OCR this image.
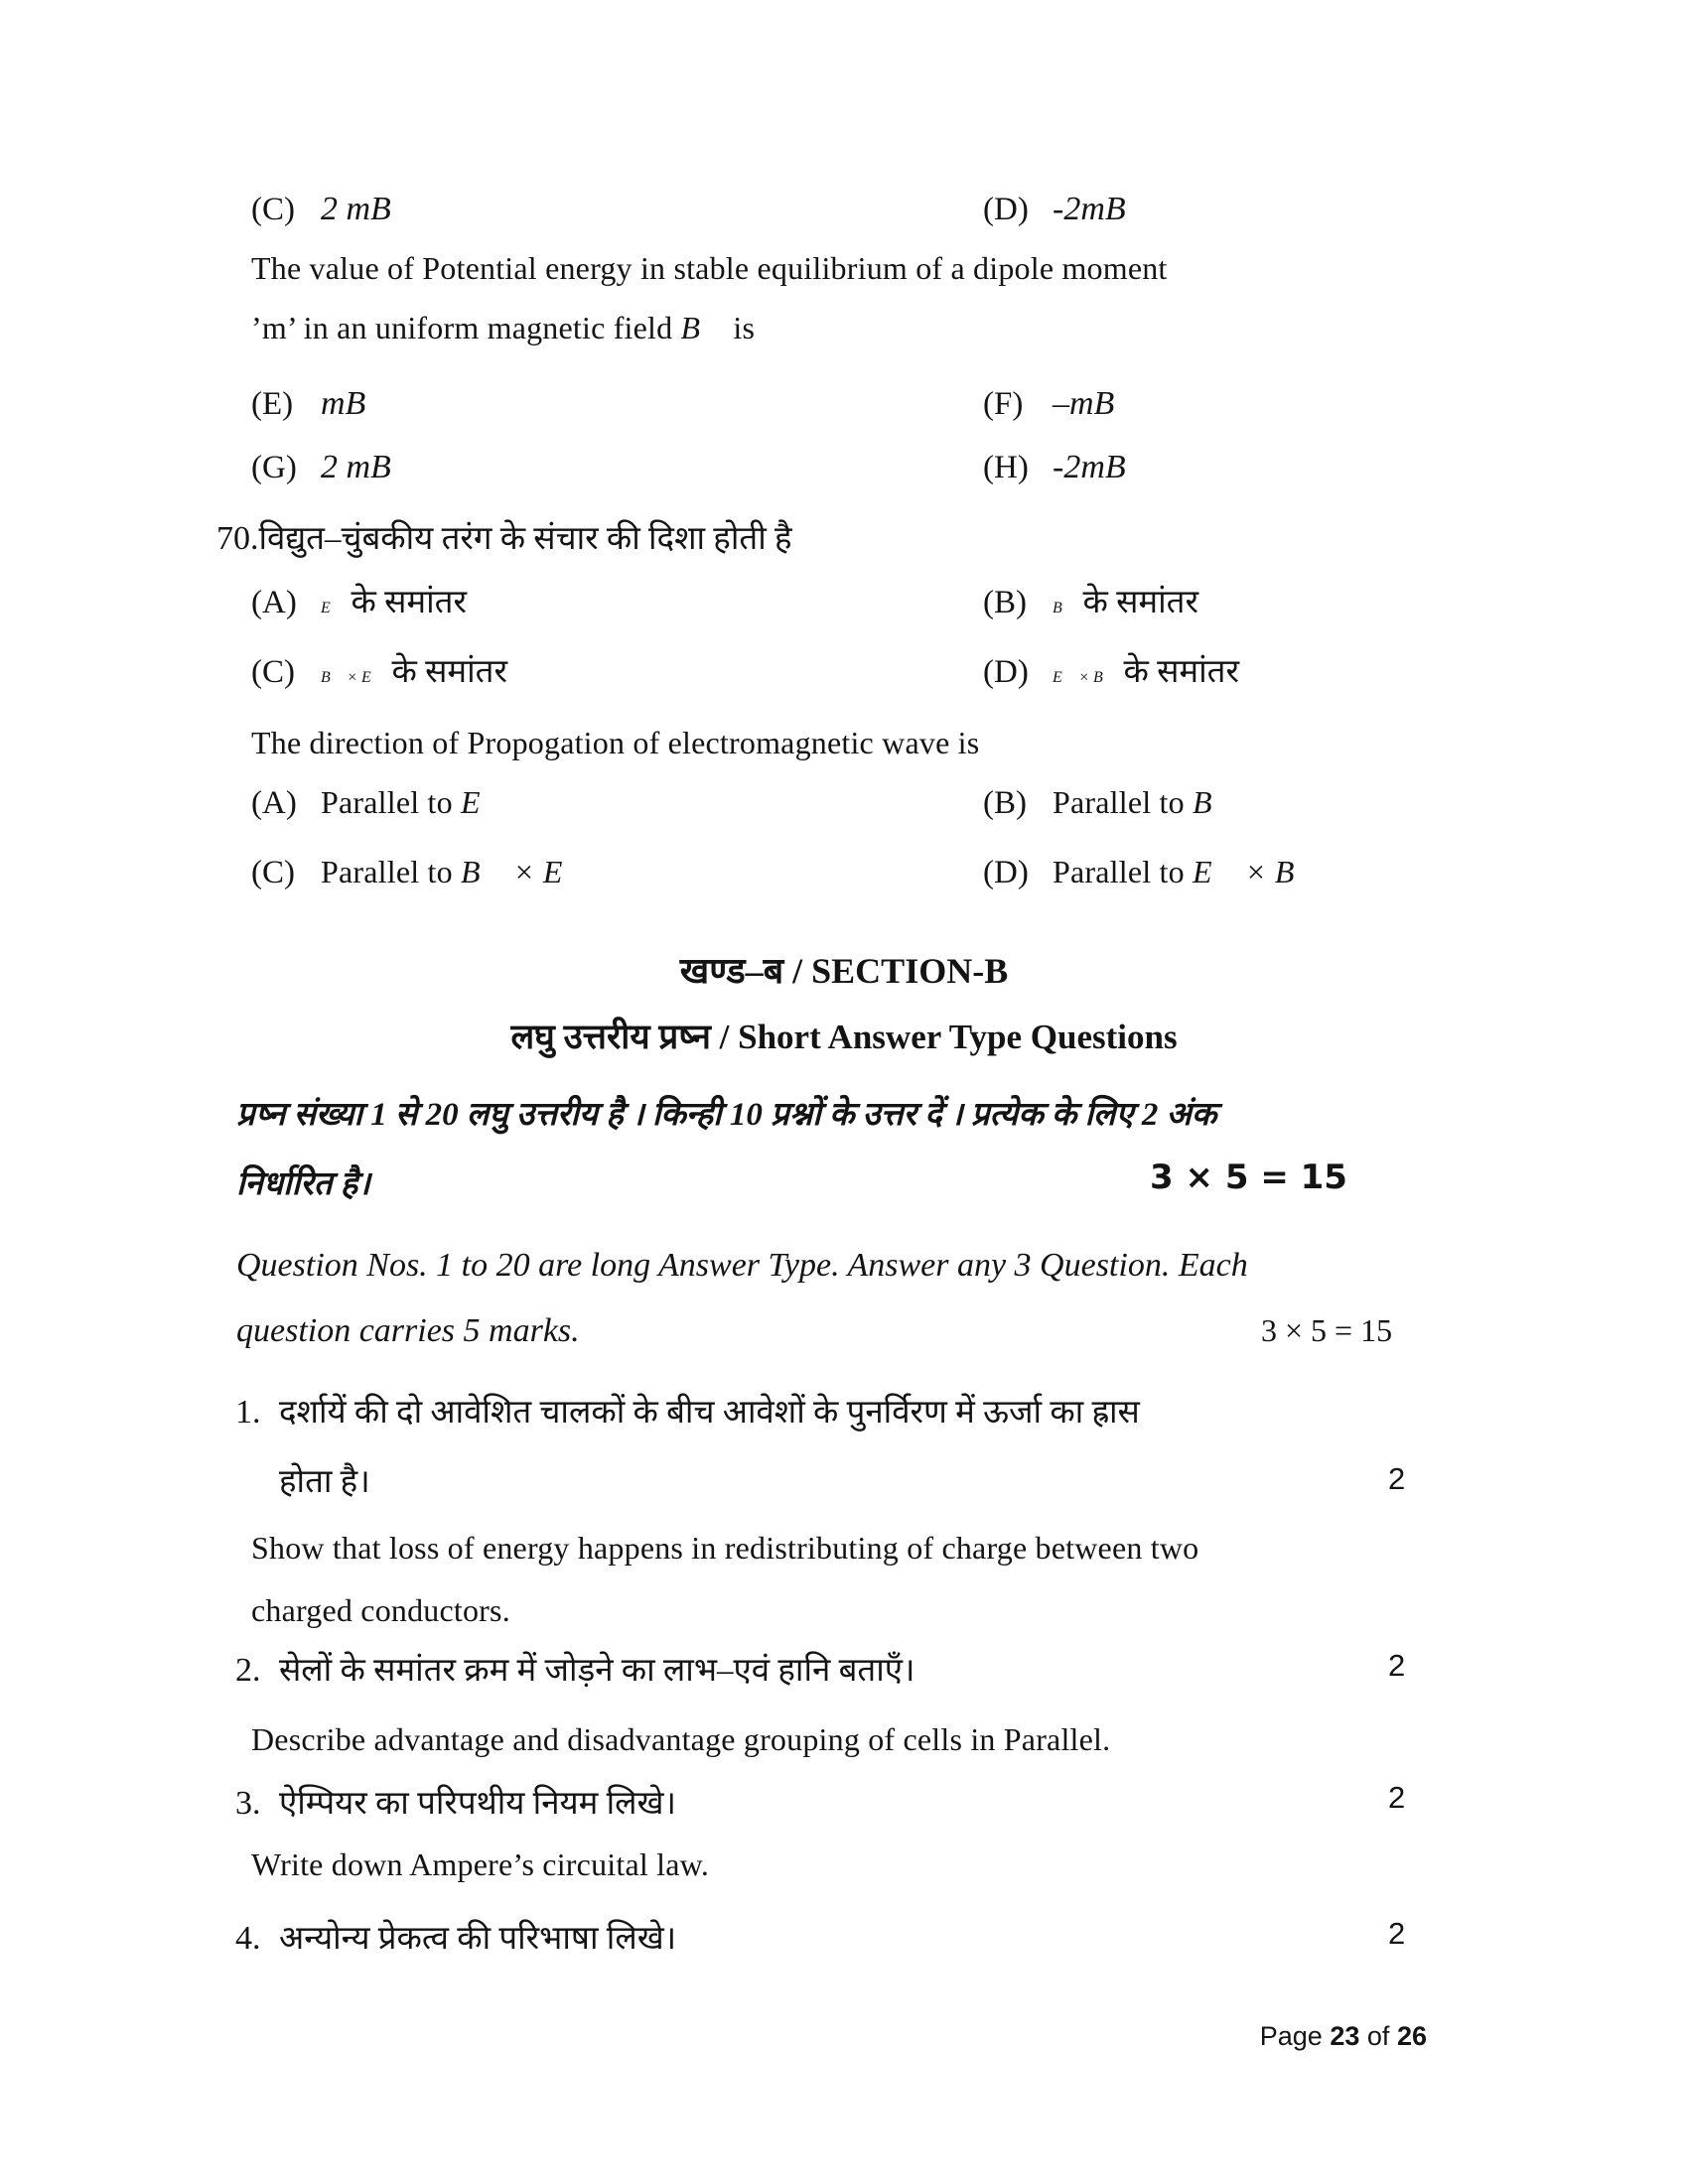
(C) 2 mB	(D) -2mB
The value of Potential energy in stable equilibrium of a dipole moment
’m’ in an uniform magnetic field B⃗ is
(E) mB	(F) –mB
(G) 2 mB	(H) -2mB
70.विद्युत–चुंबकीय तरंग के संचार की दिशा होती है
(A) E⃗ के समांतर	(B) B⃗ के समांतर
(C) B⃗ × E⃗ के समांतर	(D) E⃗ × B⃗ के समांतर
The direction of Propogation of electromagnetic wave is
(A) Parallel to E⃗	(B) Parallel to B⃗
(C) Parallel to B⃗ × E⃗	(D) Parallel to E⃗ × B⃗
खण्ड–ब / SECTION-B
लघु उत्तरीय प्रष्न / Short Answer Type Questions
प्रष्न संख्या 1 से 20 लघु उत्तरीय है । किन्ही 10 प्रश्नों के उत्तर दें । प्रत्येक के लिए 2 अंक
निर्धारित है।	3 × 5 = 15
Question Nos. 1 to 20 are long Answer Type. Answer any 3 Question. Each
question carries 5 marks.	3 × 5 = 15
1. दर्शायें की दो आवेशित चालकों के बीच आवेशों के पुनर्विरण में ऊर्जा का ह्रास
होता है।	2
Show that loss of energy happens in redistributing of charge between two
charged conductors.
2. सेलों के समांतर क्रम में जोड़ने का लाभ–एवं हानि बताएँ।	2
Describe advantage and disadvantage grouping of cells in Parallel.
3. ऐम्पियर का परिपथीय नियम लिखे।	2
Write down Ampere’s circuital law.
4. अन्योन्य प्रेकत्व की परिभाषा लिखे।	2
Page 23 of 26
